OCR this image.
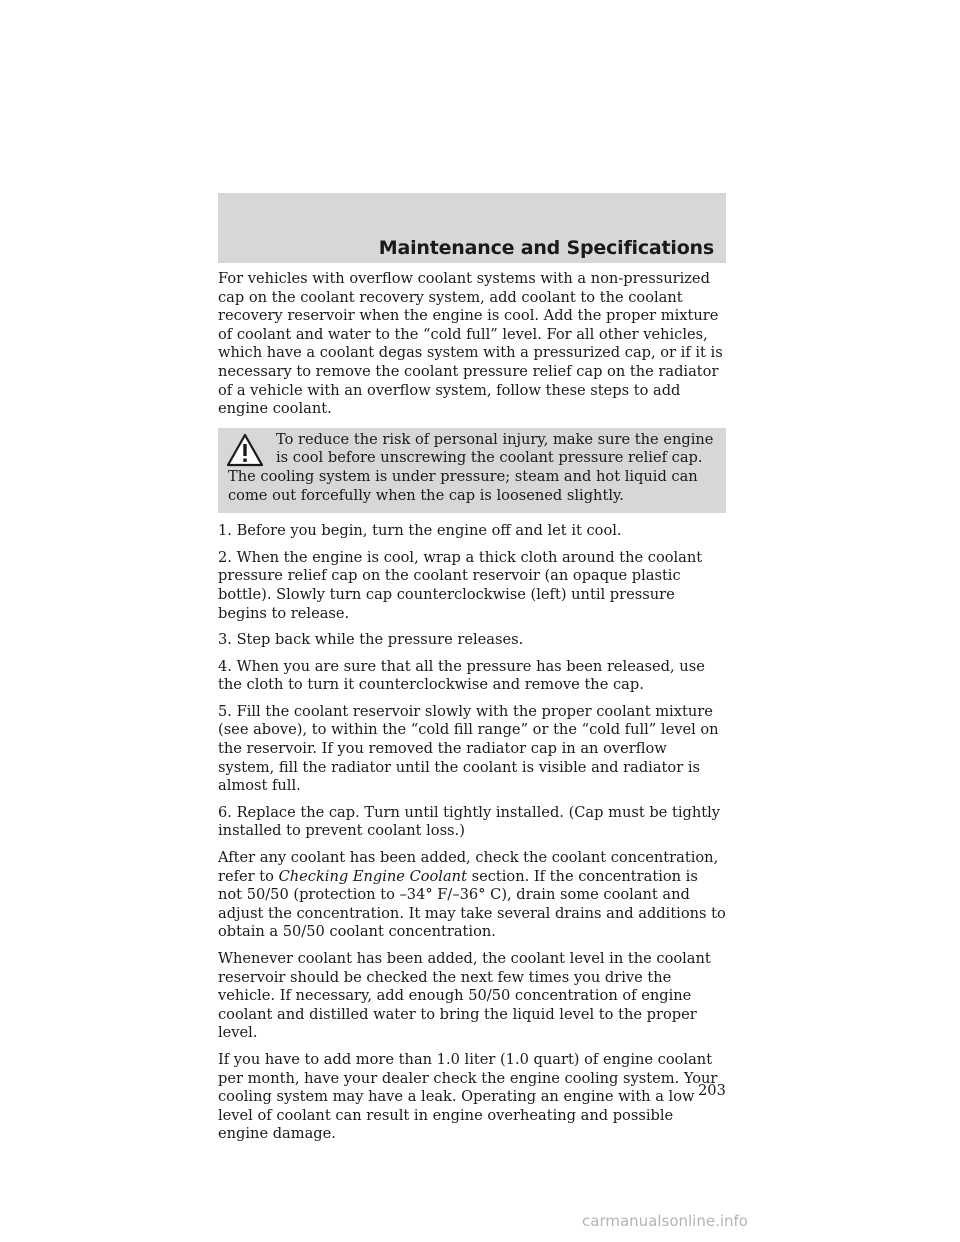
Maintenance and Specifications

For vehicles with overflow coolant systems with a non-pressurized cap on the coolant recovery system, add coolant to the coolant recovery reservoir when the engine is cool. Add the proper mixture of coolant and water to the “cold full” level. For all other vehicles, which have a coolant degas system with a pressurized cap, or if it is necessary to remove the coolant pressure relief cap on the radiator of a vehicle with an overflow system, follow these steps to add engine coolant.

To reduce the risk of personal injury, make sure the engine is cool before unscrewing the coolant pressure relief cap. The cooling system is under pressure; steam and hot liquid can come out forcefully when the cap is loosened slightly.

1. Before you begin, turn the engine off and let it cool.

2. When the engine is cool, wrap a thick cloth around the coolant pressure relief cap on the coolant reservoir (an opaque plastic bottle). Slowly turn cap counterclockwise (left) until pressure begins to release.

3. Step back while the pressure releases.

4. When you are sure that all the pressure has been released, use the cloth to turn it counterclockwise and remove the cap.

5. Fill the coolant reservoir slowly with the proper coolant mixture (see above), to within the “cold fill range” or the “cold full” level on the reservoir. If you removed the radiator cap in an overflow system, fill the radiator until the coolant is visible and radiator is almost full.

6. Replace the cap. Turn until tightly installed. (Cap must be tightly installed to prevent coolant loss.)

After any coolant has been added, check the coolant concentration, refer to Checking Engine Coolant section. If the concentration is not 50/50 (protection to –34° F/–36° C), drain some coolant and adjust the concentration. It may take several drains and additions to obtain a 50/50 coolant concentration.

Whenever coolant has been added, the coolant level in the coolant reservoir should be checked the next few times you drive the vehicle. If necessary, add enough 50/50 concentration of engine coolant and distilled water to bring the liquid level to the proper level.

If you have to add more than 1.0 liter (1.0 quart) of engine coolant per month, have your dealer check the engine cooling system. Your cooling system may have a leak. Operating an engine with a low level of coolant can result in engine overheating and possible engine damage.

203
carmanualsonline.info
